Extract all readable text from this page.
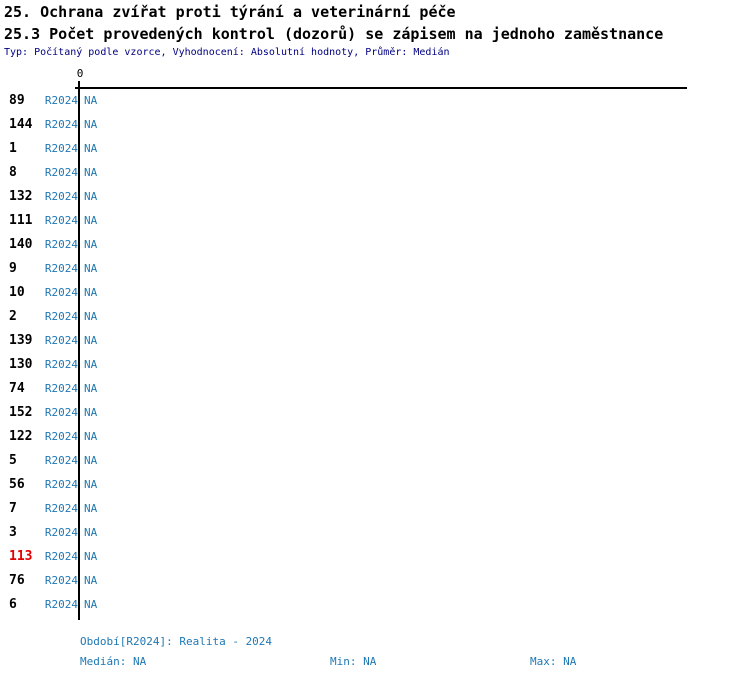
25. Ochrana zvířat proti týrání a veterinární péče
25.3 Počet provedených kontrol (dozorů) se zápisem na jednoho zaměstnance
Typ: Počítaný podle vzorce, Vyhodnocení: Absolutní hodnoty, Průměr: Medián
0
89 R2024 NA
144 R2024 NA
1	R2024 NA
8	R2024 NA
132 R2024 NA
111 R2024 NA
140 R2024 NA
9	R2024 NA
10 R2024 NA
2	R2024 NA
139 R2024 NA
130 R2024 NA
74 R2024 NA
152 R2024 NA
122 R2024 NA
5	R2024 NA
56 R2024 NA
7	R2024 NA
3	R2024 NA
113 R2024 NA
76 R2024 NA
6	R2024 NA
Období[R2024]: Realita - 2024
Medián: NA	Min: NA	Max: NA
